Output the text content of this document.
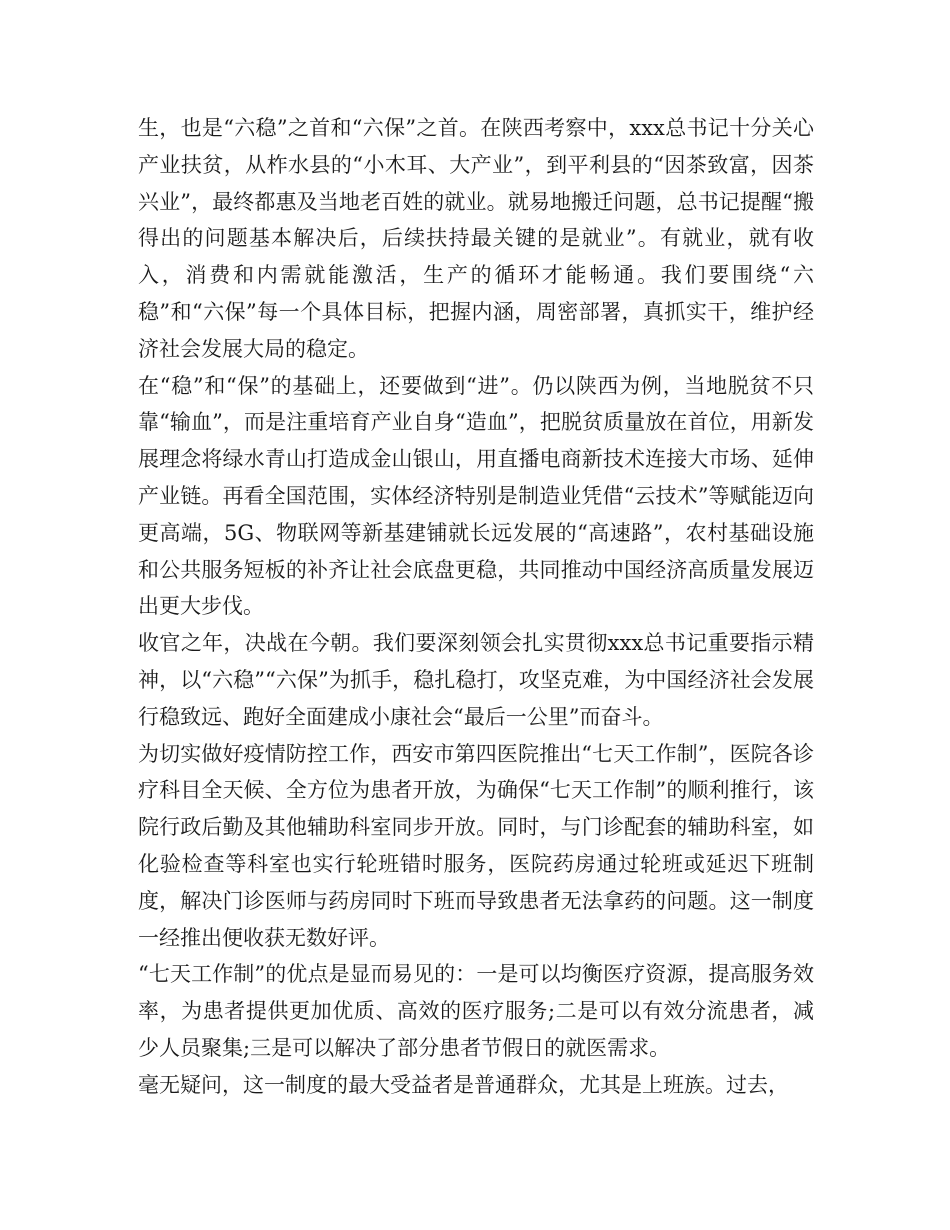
生，也是“六稳”之首和“六保”之首。在陕西考察中，xxx总书记十分关心产业扶贫，从柞水县的“小木耳、大产业”，到平利县的“因茶致富，因茶兴业”，最终都惠及当地老百姓的就业。就易地搬迁问题，总书记提醒“搬得出的问题基本解决后，后续扶持最关键的是就业”。有就业，就有收入，消费和内需就能激活，生产的循环才能畅通。我们要围绕“六稳”和“六保”每一个具体目标，把握内涵，周密部署，真抓实干，维护经济社会发展大局的稳定。

在“稳”和“保”的基础上，还要做到“进”。仍以陕西为例，当地脱贫不只靠“输血”，而是注重培育产业自身“造血”，把脱贫质量放在首位，用新发展理念将绿水青山打造成金山银山，用直播电商新技术连接大市场、延伸产业链。再看全国范围，实体经济特别是制造业凭借“云技术”等赋能迈向更高端，5G、物联网等新基建铺就长远发展的“高速路”，农村基础设施和公共服务短板的补齐让社会底盘更稳，共同推动中国经济高质量发展迈出更大步伐。

收官之年，决战在今朝。我们要深刻领会扎实贯彻xxx总书记重要指示精神，以“六稳”“六保”为抓手，稳扎稳打，攻坚克难，为中国经济社会发展行稳致远、跑好全面建成小康社会“最后一公里”而奋斗。

为切实做好疫情防控工作，西安市第四医院推出“七天工作制”，医院各诊疗科目全天候、全方位为患者开放，为确保“七天工作制”的顺利推行，该院行政后勤及其他辅助科室同步开放。同时，与门诊配套的辅助科室，如化验检查等科室也实行轮班错时服务，医院药房通过轮班或延迟下班制度，解决门诊医师与药房同时下班而导致患者无法拿药的问题。这一制度一经推出便收获无数好评。

“七天工作制”的优点是显而易见的：一是可以均衡医疗资源，提高服务效率，为患者提供更加优质、高效的医疗服务;二是可以有效分流患者，减少人员聚集;三是可以解决了部分患者节假日的就医需求。

毫无疑问，这一制度的最大受益者是普通群众，尤其是上班族。过去，
